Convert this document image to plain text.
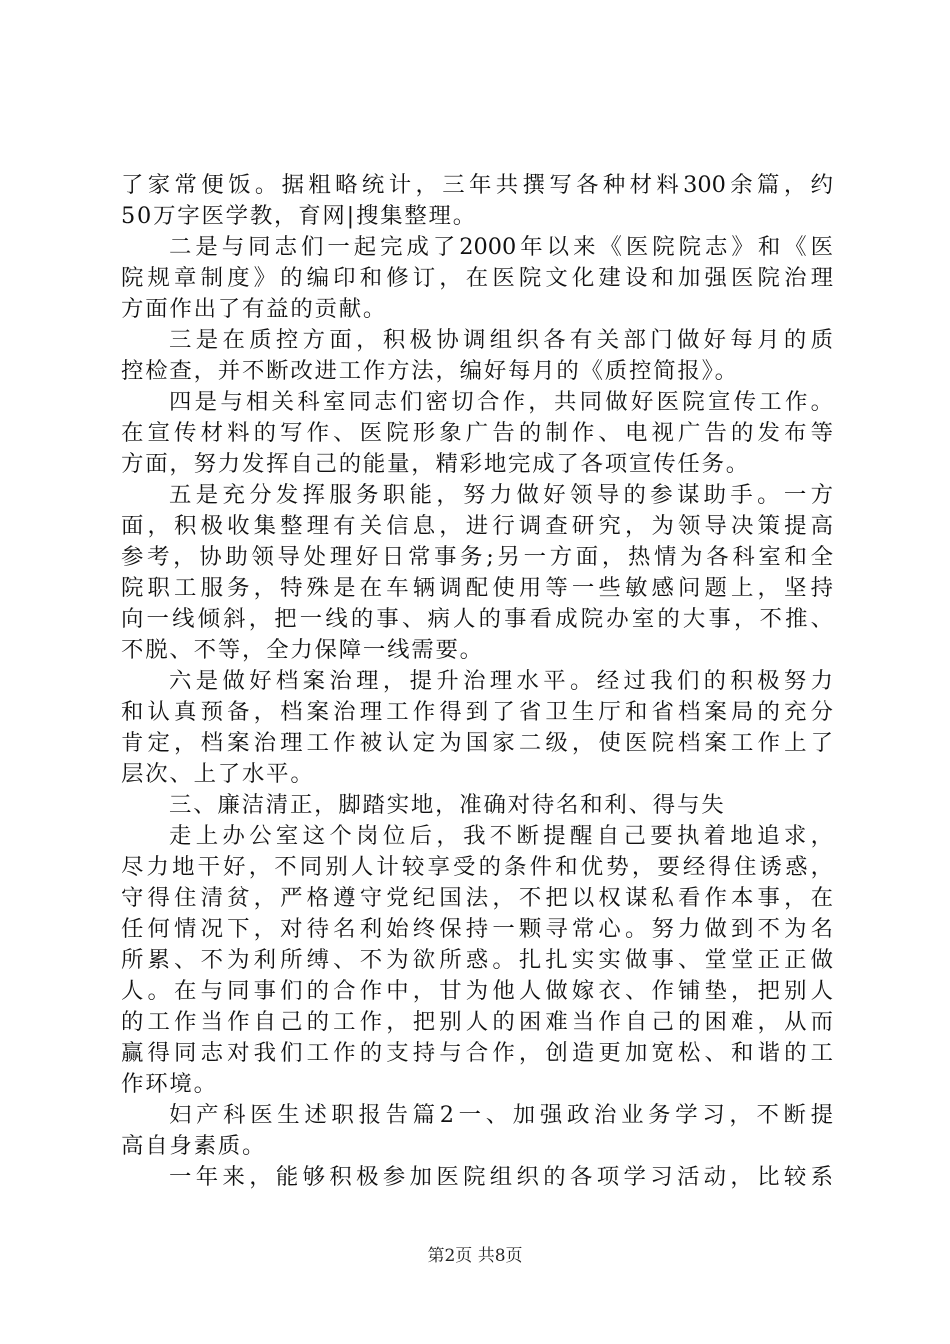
了家常便饭。据粗略统计，三年共撰写各种材料300余篇，约
50万字医学教，育网|搜集整理。
二是与同志们一起完成了2000年以来《医院院志》和《医
院规章制度》的编印和修订，在医院文化建设和加强医院治理
方面作出了有益的贡献。
三是在质控方面，积极协调组织各有关部门做好每月的质
控检查，并不断改进工作方法，编好每月的《质控简报》。
四是与相关科室同志们密切合作，共同做好医院宣传工作。
在宣传材料的写作、医院形象广告的制作、电视广告的发布等
方面，努力发挥自己的能量，精彩地完成了各项宣传任务。
五是充分发挥服务职能，努力做好领导的参谋助手。一方
面，积极收集整理有关信息，进行调查研究，为领导决策提高
参考，协助领导处理好日常事务;另一方面，热情为各科室和全
院职工服务，特殊是在车辆调配使用等一些敏感问题上，坚持
向一线倾斜，把一线的事、病人的事看成院办室的大事，不推、
不脱、不等，全力保障一线需要。
六是做好档案治理，提升治理水平。经过我们的积极努力
和认真预备，档案治理工作得到了省卫生厅和省档案局的充分
肯定，档案治理工作被认定为国家二级，使医院档案工作上了
层次、上了水平。
三、廉洁清正，脚踏实地，准确对待名和利、得与失
走上办公室这个岗位后，我不断提醒自己要执着地追求，
尽力地干好，不同别人计较享受的条件和优势，要经得住诱惑，
守得住清贫，严格遵守党纪国法，不把以权谋私看作本事，在
任何情况下，对待名利始终保持一颗寻常心。努力做到不为名
所累、不为利所缚、不为欲所惑。扎扎实实做事、堂堂正正做
人。在与同事们的合作中，甘为他人做嫁衣、作铺垫，把别人
的工作当作自己的工作，把别人的困难当作自己的困难，从而
赢得同志对我们工作的支持与合作，创造更加宽松、和谐的工
作环境。
妇产科医生述职报告篇2一、加强政治业务学习，不断提
高自身素质。
一年来，能够积极参加医院组织的各项学习活动，比较系
第2页 共8页
